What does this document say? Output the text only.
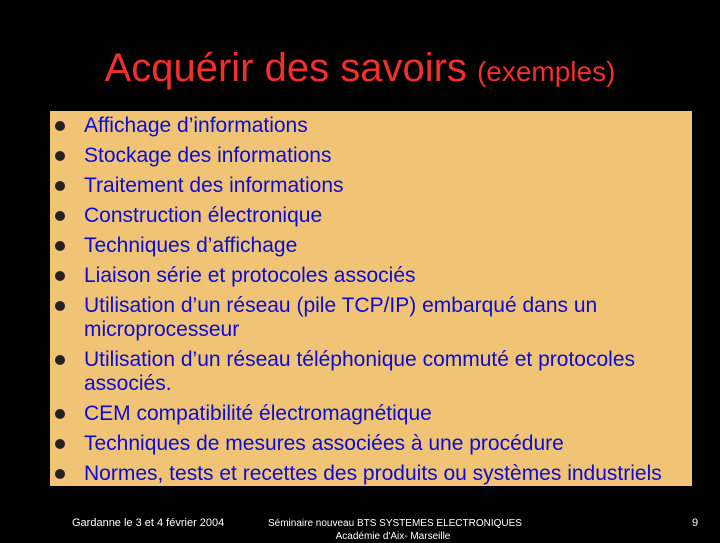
Acquérir des savoirs (exemples)
Affichage d’informations
Stockage des informations
Traitement des informations
Construction électronique
Techniques d’affichage
Liaison série et protocoles associés
Utilisation d’un réseau (pile TCP/IP) embarqué dans un microprocesseur
Utilisation d’un réseau téléphonique commuté et protocoles associés.
CEM compatibilité électromagnétique
Techniques de mesures associées à une procédure
Normes, tests et recettes des produits ou systèmes industriels
Gardanne le 3 et 4 février 2004	Séminaire nouveau BTS SYSTEMES ELECTRONIQUES
Académie d'Aix- Marseille
9
